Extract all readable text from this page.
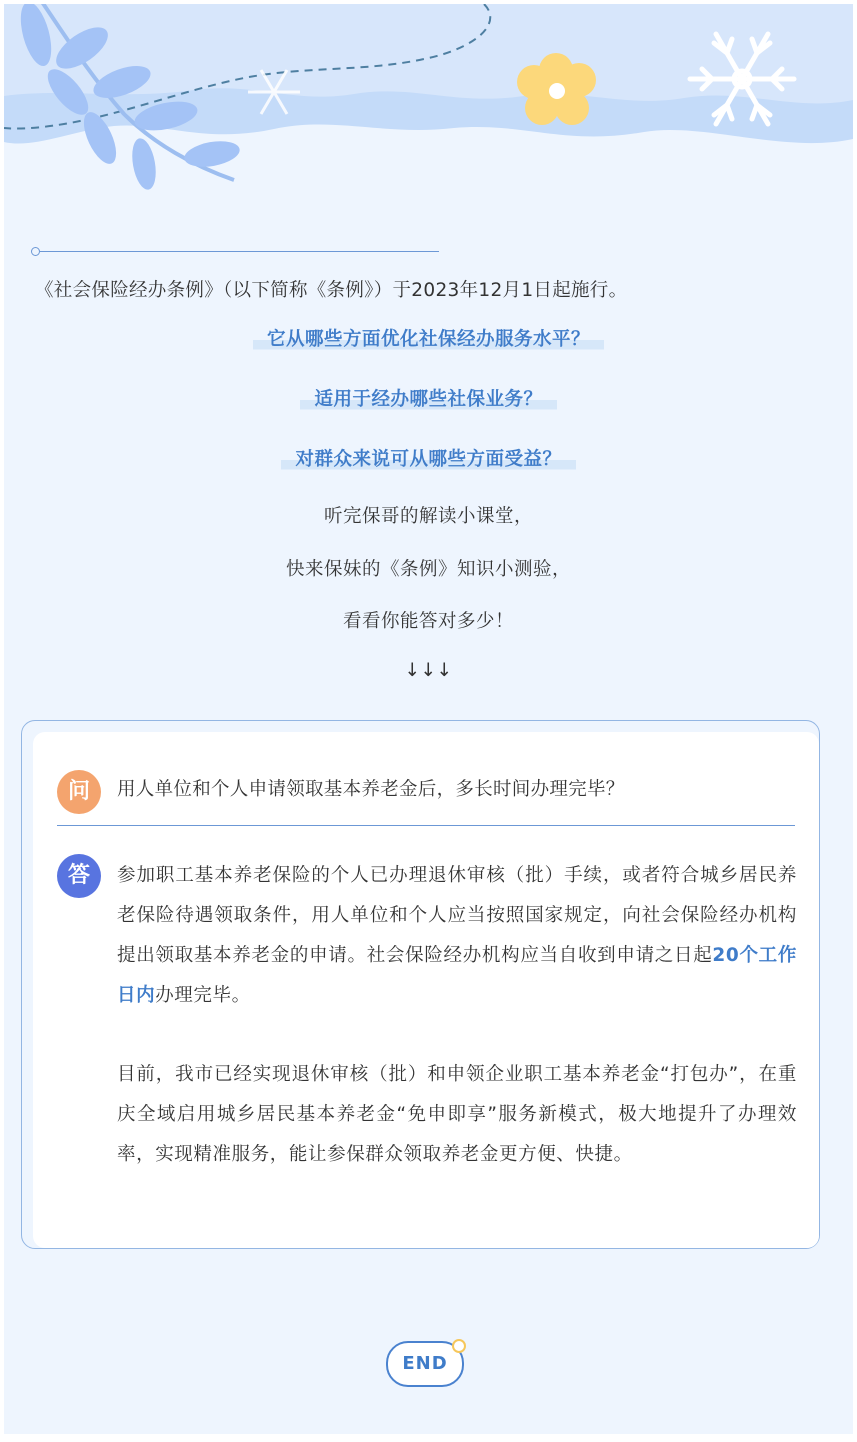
《社会保险经办条例》（以下简称《条例》）于2023年12月1日起施行。
它从哪些方面优化社保经办服务水平？
适用于经办哪些社保业务？
对群众来说可从哪些方面受益？
听完保哥的解读小课堂，
快来保妹的《条例》知识小测验，
看看你能答对多少！
↓↓↓
问	用人单位和个人申请领取基本养老金后，多长时间办理完毕？
答	参加职工基本养老保险的个人已办理退休审核（批）手续，或者符合城乡居民养老保险待遇领取条件，用人单位和个人应当按照国家规定，向社会保险经办机构提出领取基本养老金的申请。社会保险经办机构应当自收到申请之日起20个工作日内办理完毕。

目前，我市已经实现退休审核（批）和申领企业职工基本养老金“打包办”，在重庆全域启用城乡居民基本养老金“免申即享”服务新模式，极大地提升了办理效率，实现精准服务，能让参保群众领取养老金更方便、快捷。

END
